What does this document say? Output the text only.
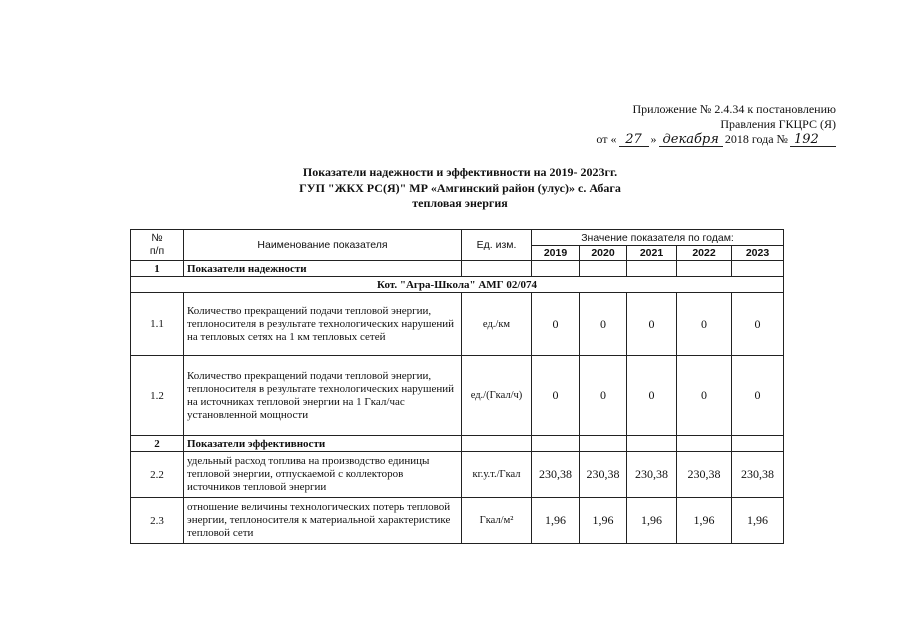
Приложение № 2.4.34 к постановлению
Правления ГКЦРС (Я)
от « 27 » декабря 2018 года № 192
Показатели надежности и эффективности на 2019- 2023гг.
ГУП "ЖКХ РС(Я)" МР «Амгинский район (улус)» с. Абага
тепловая энергия
№
п/п	Наименование показателя	Ед. изм.	Значение показателя по годам:				
			2019	2020	2021	2022	2023
1	Показатели надежности						
Кот. "Агра-Школа" АМГ 02/074							
1.1	Количество прекращений подачи тепловой энергии, теплоносителя в результате технологических нарушений на тепловых сетях на 1 км тепловых сетей	ед./км	0	0	0	0	0
1.2	Количество прекращений подачи тепловой энергии, теплоносителя в результате технологических нарушений на источниках тепловой энергии на 1 Гкал/час установленной мощности	ед./(Гкал/ч)	0	0	0	0	0
2	Показатели эффективности						
2.2	удельный расход топлива на производство единицы тепловой энергии, отпускаемой с коллекторов источников тепловой энергии	кг.у.т./Гкал	230,38	230,38	230,38	230,38	230,38
2.3	отношение величины технологических потерь тепловой энергии, теплоносителя к материальной характеристике тепловой сети	Гкал/м²	1,96	1,96	1,96	1,96	1,96
